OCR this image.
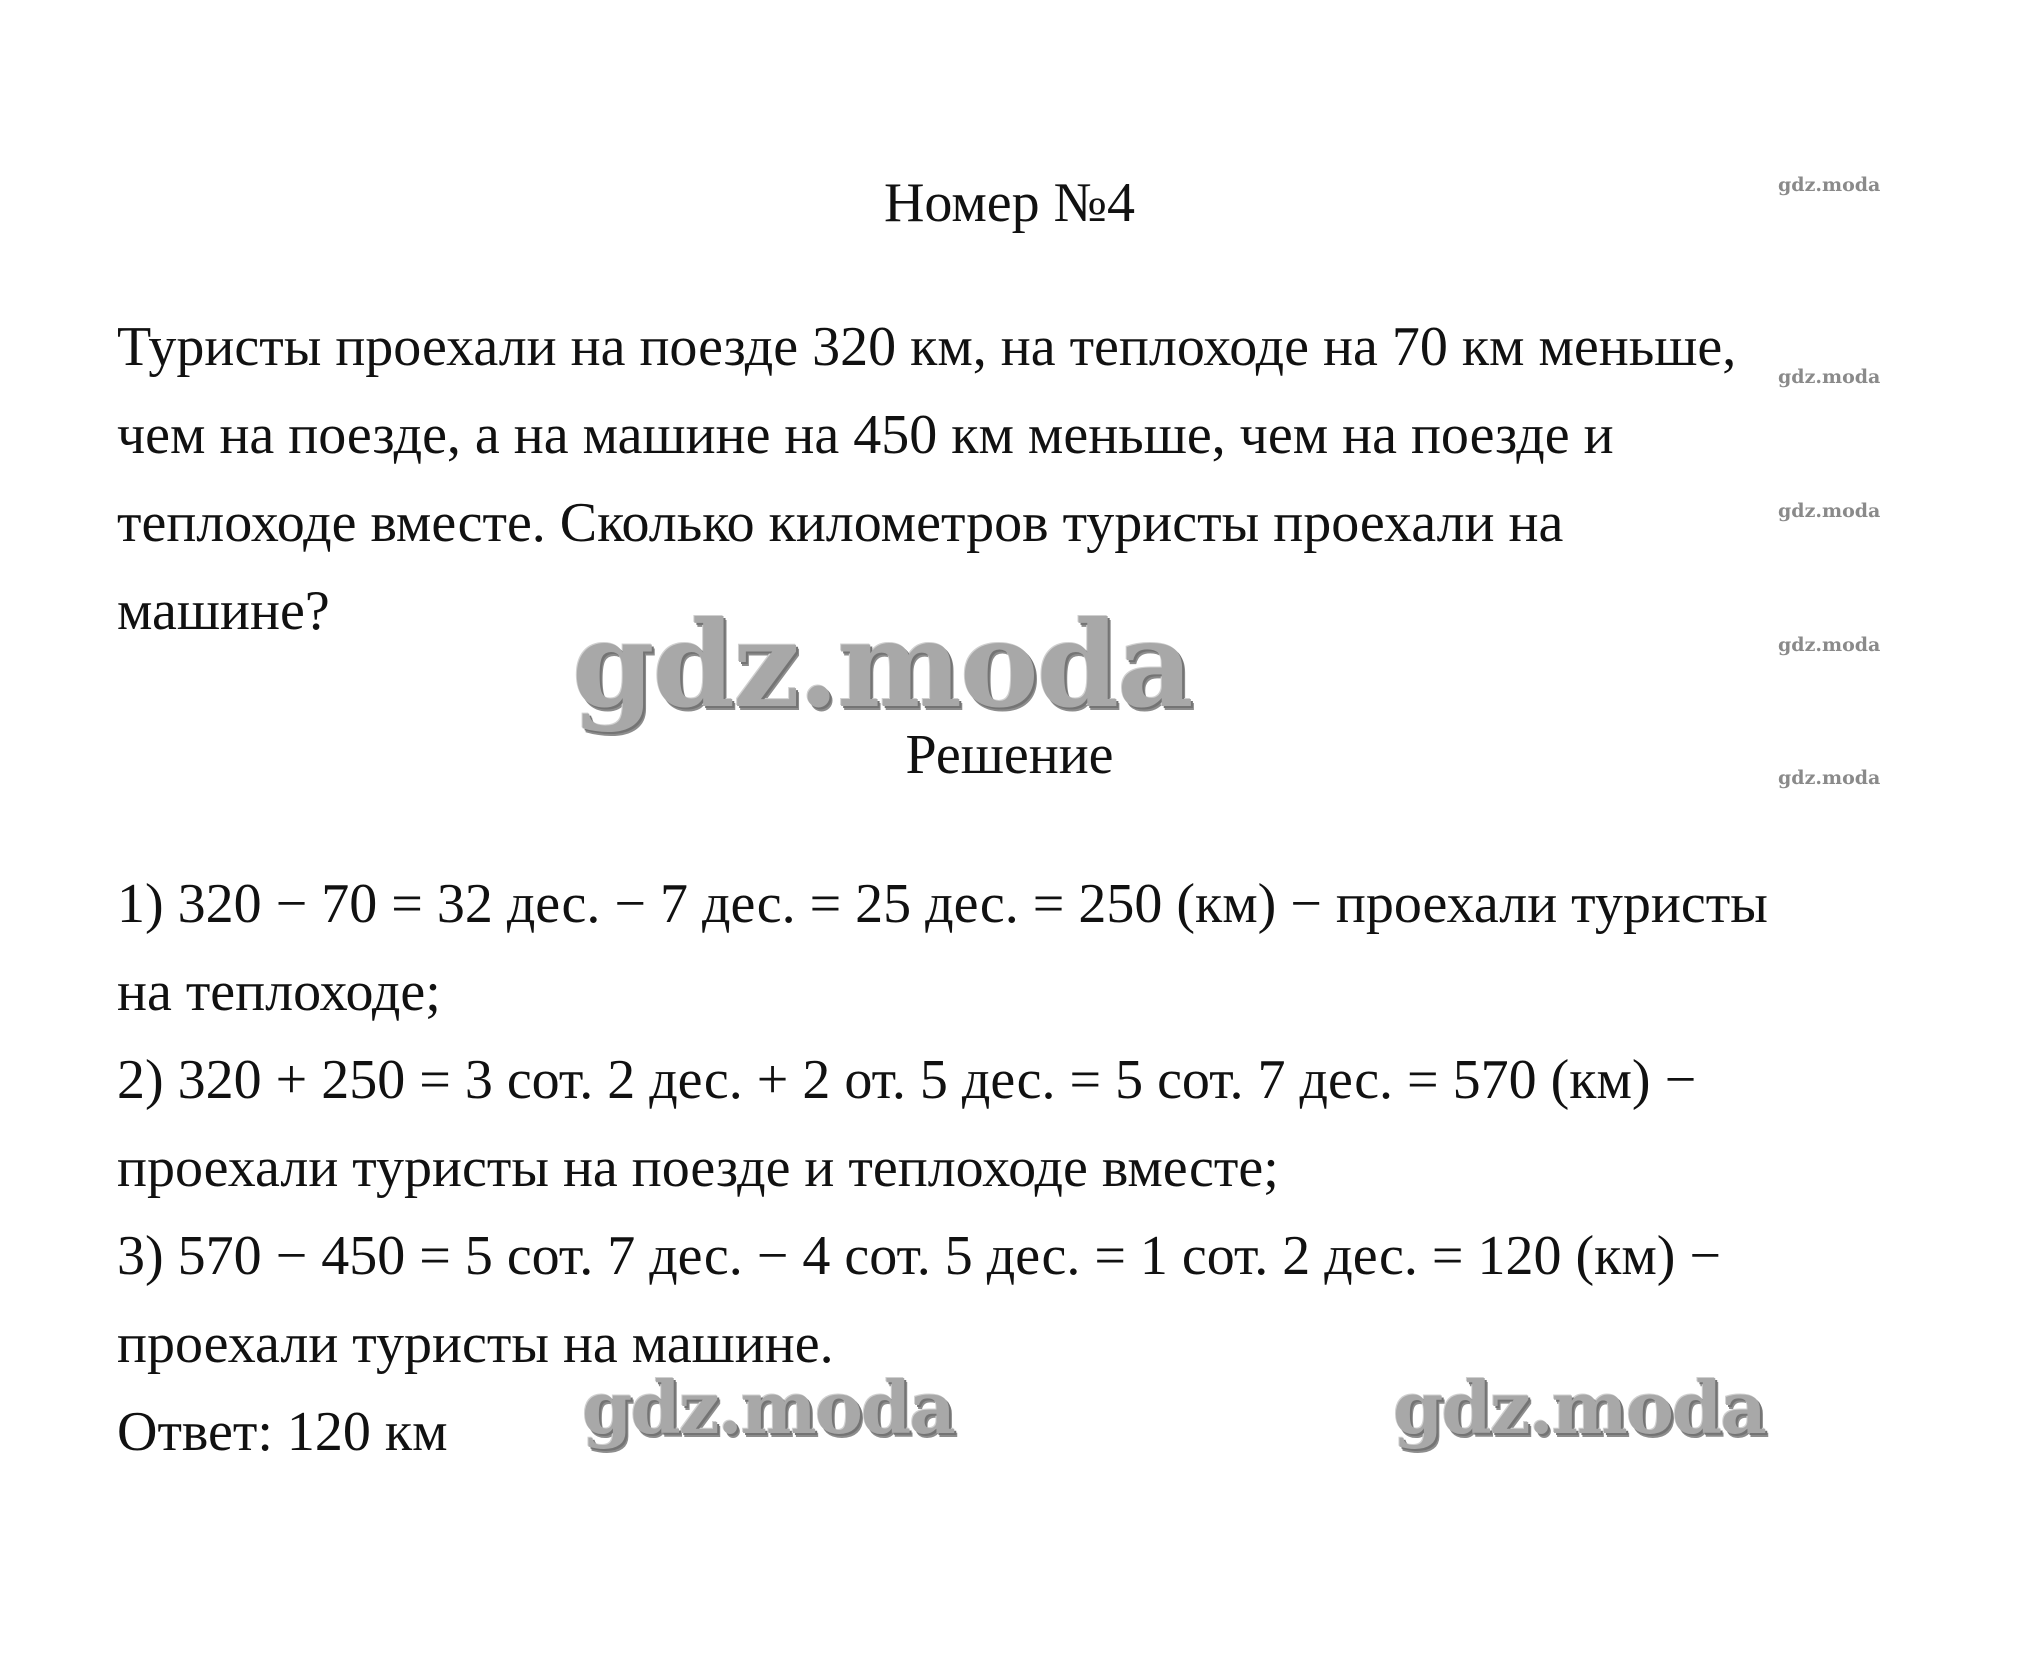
Номер №4
Туристы проехали на поезде 320 км, на теплоходе на 70 км меньше,
чем на поезде, а на машине на 450 км меньше, чем на поезде и
теплоходе вместе. Сколько километров туристы проехали на
машине?
Решение
1) 320 − 70 = 32 дес. − 7 дес. = 25 дес. = 250 (км) − проехали туристы
на теплоходе;
2) 320 + 250 = 3 сот. 2 дес. + 2 от. 5 дес. = 5 сот. 7 дес. = 570 (км) −
проехали туристы на поезде и теплоходе вместе;
3) 570 − 450 = 5 сот. 7 дес. − 4 сот. 5 дес. = 1 сот. 2 дес. = 120 (км) −
проехали туристы на машине.
Ответ: 120 км
gdz.moda
gdz.moda
gdz.moda
gdz.moda
gdz.moda
gdz.moda
gdz.moda	gdz.moda
